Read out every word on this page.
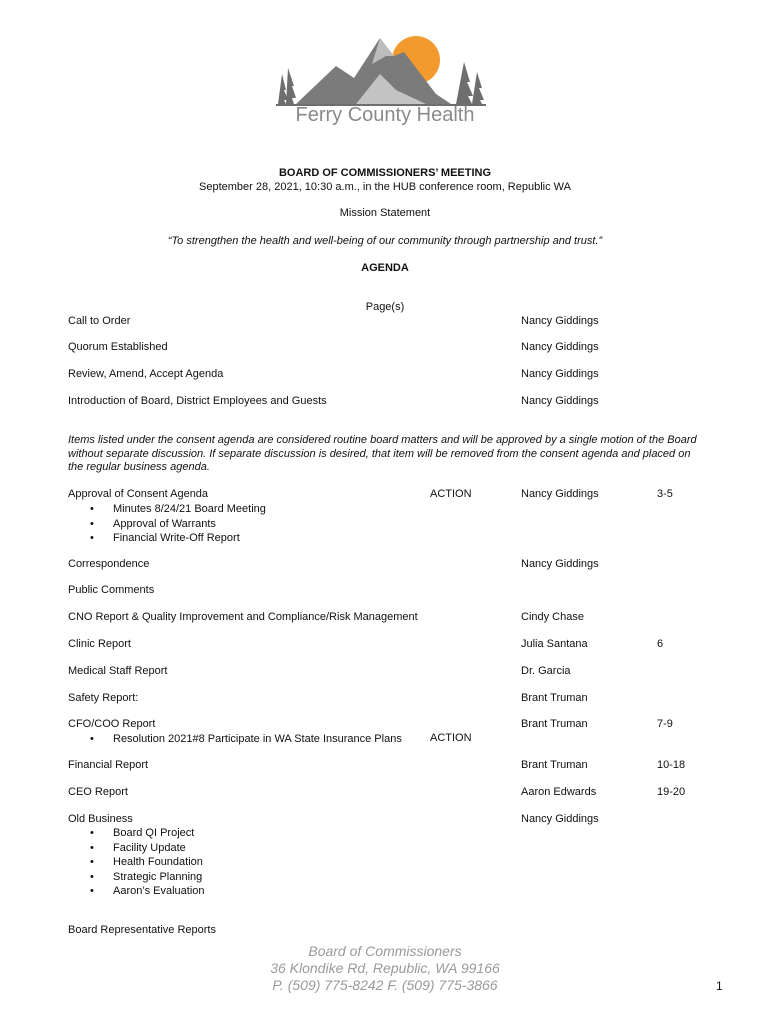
Ferry County Health
BOARD OF COMMISSIONERS’ MEETING
September 28, 2021, 10:30 a.m., in the HUB conference room, Republic WA
Mission Statement
“To strengthen the health and well-being of our community through partnership and trust.”
AGENDA
Page(s)
Call to Order	Nancy Giddings
Quorum Established	Nancy Giddings
Review, Amend, Accept Agenda	Nancy Giddings
Introduction of Board, District Employees and Guests	Nancy Giddings
Items listed under the consent agenda are considered routine board matters and will be approved by a single motion of the Board without separate discussion. If separate discussion is desired, that item will be removed from the consent agenda and placed on the regular business agenda.
Approval of Consent Agenda	ACTION	Nancy Giddings	3-5
• Minutes 8/24/21 Board Meeting
• Approval of Warrants
• Financial Write-Off Report
Correspondence	Nancy Giddings
Public Comments
CNO Report & Quality Improvement and Compliance/Risk Management	Cindy Chase
Clinic Report	Julia Santana	6
Medical Staff Report	Dr. Garcia
Safety Report:	Brant Truman
CFO/COO Report	Brant Truman	7-9
• Resolution 2021#8 Participate in WA State Insurance Plans	ACTION
Financial Report	Brant Truman	10-18
CEO Report	Aaron Edwards	19-20
Old Business	Nancy Giddings
• Board QI Project
• Facility Update
• Health Foundation
• Strategic Planning
• Aaron’s Evaluation
Board Representative Reports
Board of Commissioners
36 Klondike Rd, Republic, WA 99166
P. (509) 775-8242 F. (509) 775-3866	1
